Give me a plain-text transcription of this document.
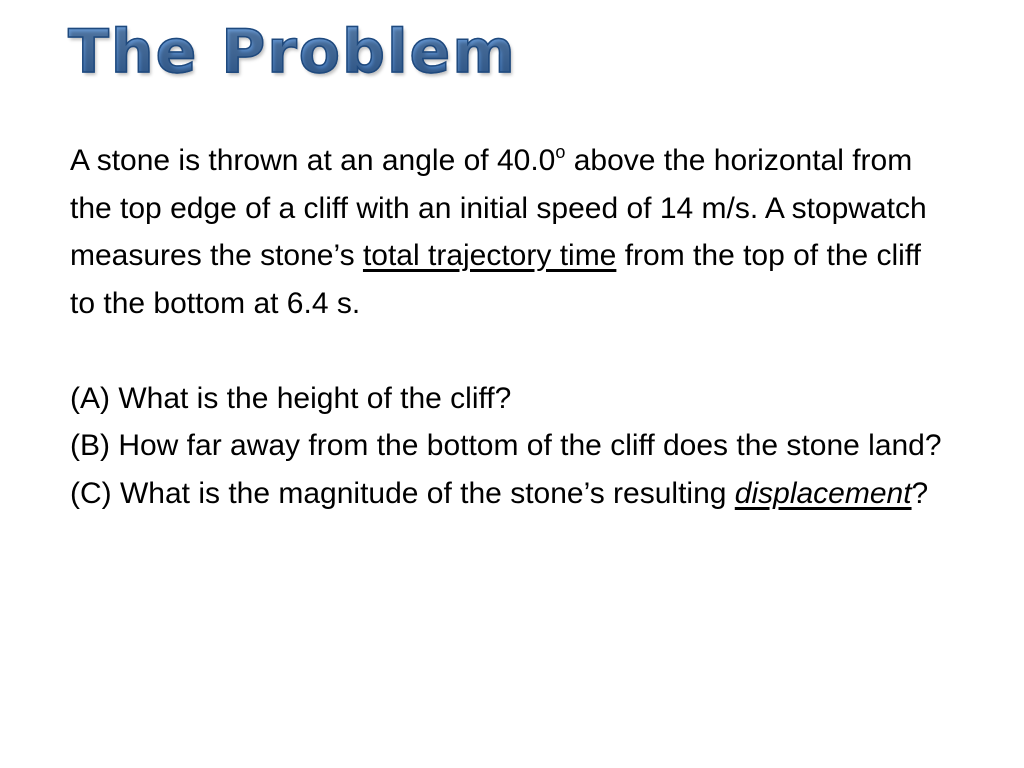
The Problem

A stone is thrown at an angle of 40.0$^o$ above the horizontal from the top edge of a cliff with an initial speed of 14 m/s. A stopwatch measures the stone’s total trajectory time from the top of the cliff to the bottom at 6.4 s.

(A) What is the height of the cliff?

(B) How far away from the bottom of the cliff does the stone land?

(C) What is the magnitude of the stone’s resulting displacement?
